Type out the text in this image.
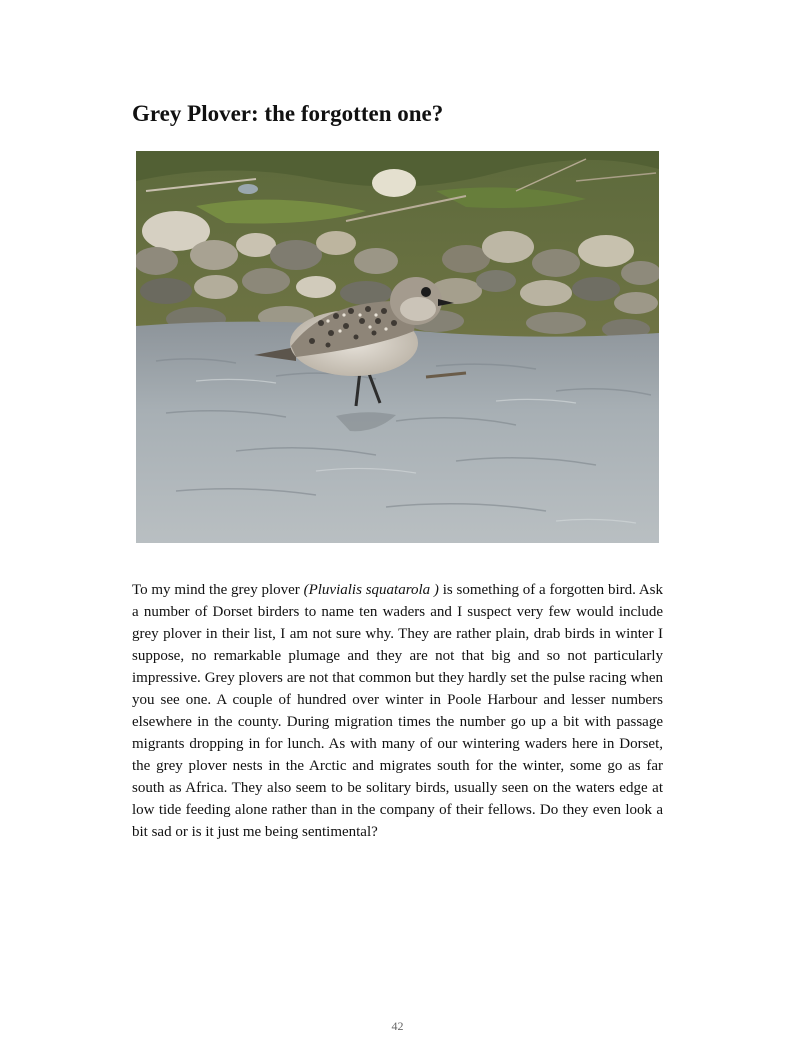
Grey Plover: the forgotten one?

To my mind the grey plover (Pluvialis squatarola ) is something of a forgotten bird. Ask a number of Dorset birders to name ten waders and I suspect very few would include grey plover in their list, I am not sure why. They are rather plain, drab birds in winter I suppose, no remarkable plumage and they are not that big and so not particularly impressive. Grey plovers are not that common but they hardly set the pulse racing when you see one. A couple of hundred over winter in Poole Harbour and lesser numbers elsewhere in the county. During migration times the number go up a bit with passage migrants dropping in for lunch. As with many of our wintering waders here in Dorset, the grey plover nests in the Arctic and migrates south for the winter, some go as far south as Africa. They also seem to be solitary birds, usually seen on the waters edge at low tide feeding alone rather than in the company of their fellows. Do they even look a bit sad or is it just me being sentimental?

42
